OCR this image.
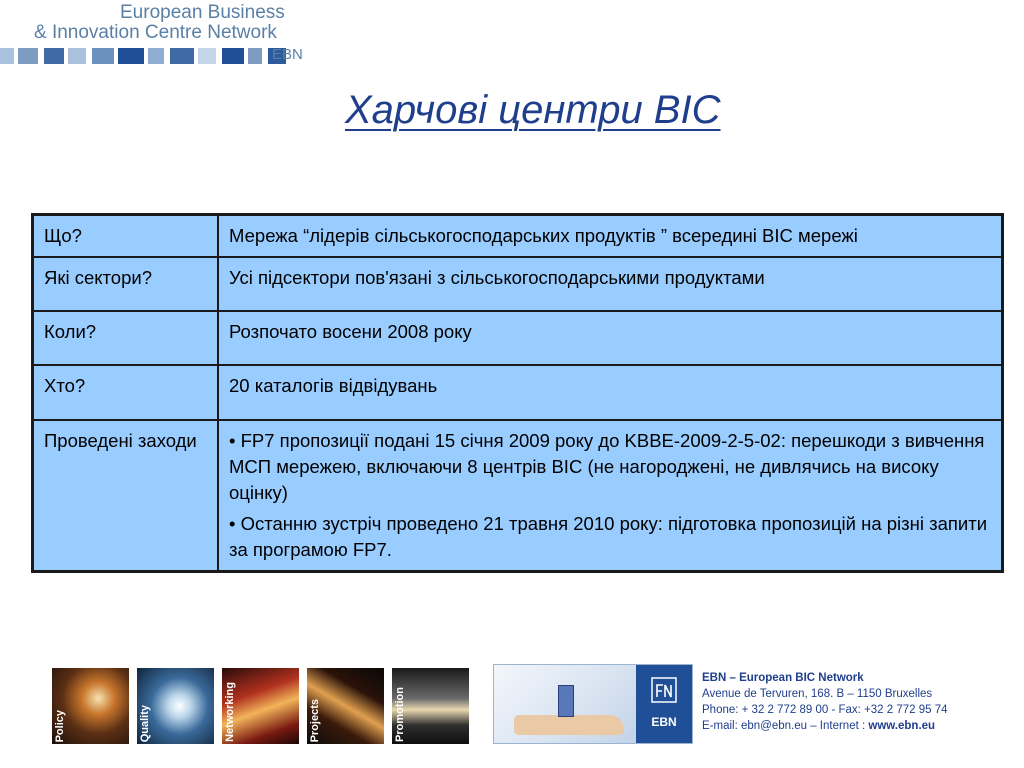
European Business
& Innovation Centre Network
EBN
Харчові центри BIC
Що?	Мережа “лідерів сільськогосподарських продуктів ” всередині BIC мережі

Які сектори?	Усі підсектори пов'язані з сільськогосподарськими продуктами

Коли?	Розпочато восени 2008 року

Хто?	20 каталогів відвідувань

Проведені заходи	• FP7 пропозиції подані 15 січня 2009 року до KBBE-2009-2-5-02: перешкоди з вивчення МСП мережею, включаючи 8 центрів BIC (не нагороджені, не дивлячись на високу оцінку)
• Останню зустріч проведено 21 травня 2010 року: підготовка пропозицій на різні запити за програмою FP7.
Policy	Quality	Networking	Projects	Promotion	EBN
EBN – European BIC Network
Avenue de Tervuren, 168. B – 1150 Bruxelles
Phone: + 32 2 772 89 00 - Fax: +32 2 772 95 74
E-mail: ebn@ebn.eu – Internet : www.ebn.eu
